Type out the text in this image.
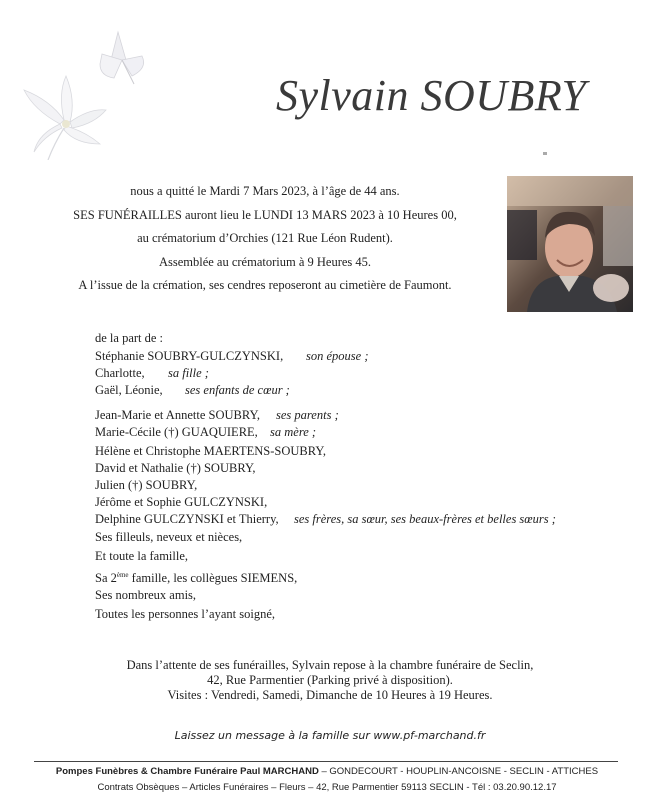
Sylvain SOUBRY
nous a quitté le Mardi 7 Mars 2023, à l’âge de 44 ans.
SES FUNÉRAILLES auront lieu le LUNDI 13 MARS 2023 à 10 Heures 00,
au crématorium d’Orchies (121 Rue Léon Rudent).
Assemblée au crématorium à 9 Heures 45.
A l’issue de la crémation, ses cendres reposeront au cimetière de Faumont.
de la part de :
Stéphanie SOUBRY-GULCZYNSKI, son épouse ;
Charlotte, sa fille ;
Gaël, Léonie, ses enfants de cœur ;
Jean-Marie et Annette SOUBRY, ses parents ;
Marie-Cécile (†) GUAQUIERE, sa mère ;
Hélène et Christophe MAERTENS-SOUBRY,
David et Nathalie (†) SOUBRY,
Julien (†) SOUBRY,
Jérôme et Sophie GULCZYNSKI,
Delphine GULCZYNSKI et Thierry, ses frères, sa sœur, ses beaux-frères et belles sœurs ;
Ses filleuls, neveux et nièces,
Et toute la famille,
Sa 2ème famille, les collègues SIEMENS,
Ses nombreux amis,
Toutes les personnes l’ayant soigné,
Dans l’attente de ses funérailles, Sylvain repose à la chambre funéraire de Seclin,
42, Rue Parmentier (Parking privé à disposition).
Visites : Vendredi, Samedi, Dimanche de 10 Heures à 19 Heures.
Laissez un message à la famille sur www.pf-marchand.fr
Pompes Funèbres & Chambre Funéraire Paul MARCHAND – GONDECOURT - HOUPLIN-ANCOISNE - SECLIN - ATTICHES
Contrats Obsèques – Articles Funéraires – Fleurs – 42, Rue Parmentier 59113 SECLIN - Tél : 03.20.90.12.17
